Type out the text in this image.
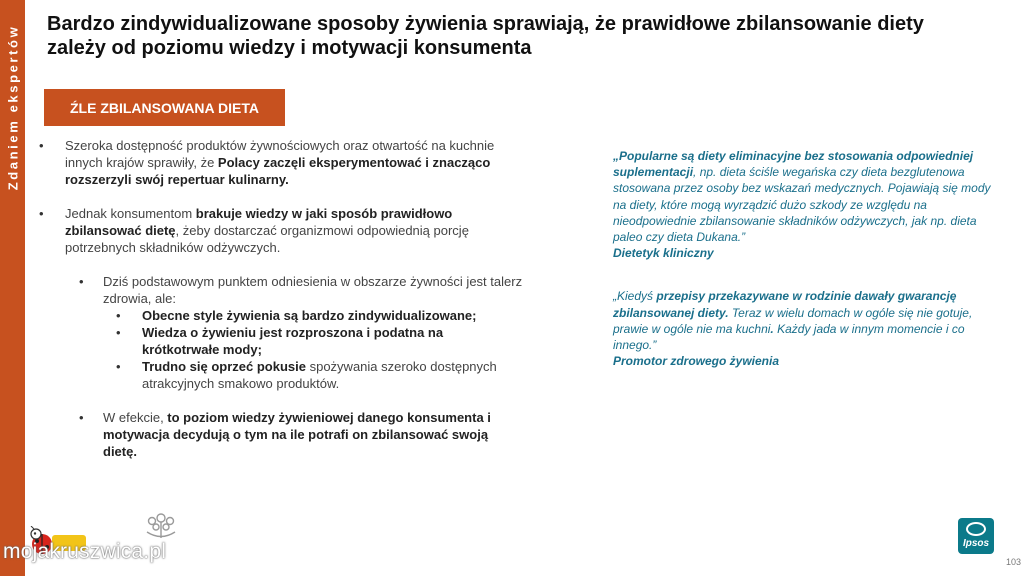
Zdaniem ekspertów
Bardzo zindywidualizowane sposoby żywienia sprawiają, że prawidłowe zbilansowanie diety
zależy od poziomu wiedzy i motywacji konsumenta
ŹLE ZBILANSOWANA DIETA

• Szeroka dostępność produktów żywnościowych oraz otwartość na kuchnie innych krajów sprawiły, że Polacy zaczęli eksperymentować i znacząco rozszerzyli swój repertuar kulinarny.

• Jednak konsumentom brakuje wiedzy w jaki sposób prawidłowo zbilansować dietę, żeby dostarczać organizmowi odpowiednią porcję potrzebnych składników odżywczych.

• Dziś podstawowym punktem odniesienia w obszarze żywności jest talerz zdrowia, ale:

• Obecne style żywienia są bardzo zindywidualizowane;

• Wiedza o żywieniu jest rozproszona i podatna na krótkotrwałe mody;

• Trudno się oprzeć pokusie spożywania szeroko dostępnych atrakcyjnych smakowo produktów.

• W efekcie, to poziom wiedzy żywieniowej danego konsumenta i motywacja decydują o tym na ile potrafi on zbilansować swoją dietę.

„Popularne są diety eliminacyjne bez stosowania odpowiedniej suplementacji, np. dieta ściśle wegańska czy dieta bezglutenowa stosowana przez osoby bez wskazań medycznych. Pojawiają się mody na diety, które mogą wyrządzić dużo szkody ze względu na nieodpowiednie zbilansowanie składników odżywczych, jak np. dieta paleo czy dieta Dukana.”
Dietetyk kliniczny

„Kiedyś przepisy przekazywane w rodzinie dawały gwarancję zbilansowanej diety. Teraz w wielu domach w ogóle się nie gotuje, prawie w ogóle nie ma kuchni. Każdy jada w innym momencie i co innego.”
Promotor zdrowego żywienia

mojakruszwica.pl	Ipsos
103
